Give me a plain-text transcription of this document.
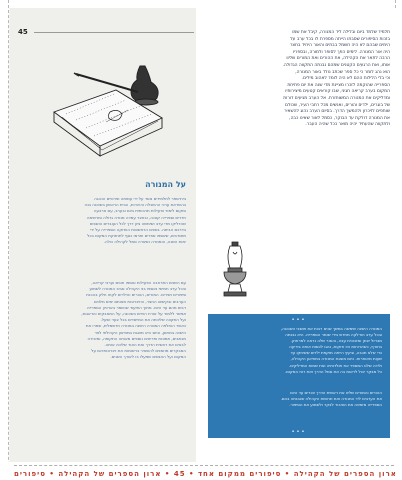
45
על המנורה
בית-ספר לתלמידים נוסד על ידי עמותה ופרטיים הנהגה
בהשראת ערכי ההשכלה והיהדות, הבית הראשון בשכונה בנה
ומקום לימוד ופעילות תרבותית ביום ובערב, עם ארבעה
חדרים וספרייה קטנה, ובחצר עמדה מנורה גדולה ומרשימה
שהדליקו מדי ערב ושימשה ציון דרך לכל העוברים והשבים
בדרכם הביתה. בשנים הראשונות הוחזקה הספרייה על ידי
מתנדבים, שאספו ספרים ותרמו כסף לתחזוקת המקום בכל
ימות השנה, והמנורה נשארה סמל לקהילה כולה.
עם השנים התרחבה הפעילות ונוספו חוגים וערבי קריאה,
ובכל ערב חמישי נאספו בני הקהילה סביב המנורה לשמוע
סיפורים ושירים. המורים, ההורים והילדים לקחו חלק בהכנת
הערבים ובקישוט החצר, והזיכרונות מאותם ימים מלווים
רבים מהם עד היום. מתוך התיעוד שנשמר בארכיון הספרייה
אפשר ללמוד על אורח החיים בשכונה, על המאבקים והדאגות,
ועל התקווה שליוותה את המייסדים בכל צעד ושעל.
כאשר הוחלפה המנורה הישנה במנורה חדשמלית, שמרו את
הישנה במחסן, וכיום היא מוצגת במוזיאון הקהילתי לצד
מכתבים, תמונות ופריטים נוספים מאותה התקופה, ומזכירה
לבאים את ראשית הדרך ואת האור שליווה אותה.
המבקרים מוזמנים להשאיר ברשומות את זיכרונותיהם על
המקום ועל האנשים שפעלו בו לאורך השנים.
תלמיד שלמד ביום ובלילה ליד המנורה, קיבל את שמו
בזכות הסיפורים שסבתו הייתה מספרת לו בכל ערב על
הימים שבהם לא היה חשמל בבתים והאור היחיד בחצר
היה אור המנורה. לימים הפך לסופר ולמורה, ובספריו
הרבה לתאר את הקהילה, את ההורים ואת המורים שליוו
אותו, ואת הרגעים הקטנים שמהם נבנתה התקווה הגדולה.
הוא נהג לומר כי כל ספר שכתב נולד באור המנורה,
וכי בלי הלילות ההם לא היה לומד לאהוב מילים.
הספרייה שהוקמה לזכרו מציינת מדי שנה את יום פתיחת
המקום בערב קריאה חגיגי, שבו קוראים קטעים מיצירותיו
ומדליקים את המנורה המשוחזרת. אל הערב מגיעים דורות
של בוגרים, ילדים והורים, ואנשים מכל רחבי העיר, שכולם
שותפים לזיכרון ולהמשך הדרך. בסיום הערב נהוג להשאיר
את המנורה דולקת עד הבוקר, כסמל לאור שאינו כבה,
ולתקווה שהעתיד יהיה מואר ככל שהיה העבר.
•••
המנורה הישנה שימשה במשך שנים רבות את תושבי השכונה,
ובכל ערב הודלקה מחדש בידי שומר הספרייה. היא נבנתה
מברזל יצוק ומזכוכית עבה, והאור שלה נראה למרחוק.
בחורף, כשהרוחות היו חזקות, נהגו לכסות אותה ביריעה
כדי שלא תכבה, ובקיץ הייתה מוקפת ילדים ששיחקו עד
שעות מאוחרות. כיום מוצגת המנורה במוזיאון הקהילה,
ולידה שלט המספר את תולדותיה ואת שמות המדליקים.
כל מבקר יכול לראות בה את סמל הדרך ואת רוח המקום.
ההורים והמורים שליוו את ראשית הדרך זוכרים עד היום
את הערבים ליד המנורה ואת תחושת הקהילה שנבנתה בהם.
הספרייה מזמינה את הציבור לבקר ולשמוע את הסיפור.
•••
ארון הספרים של הקהילה • סיפורים ממקום אחד • 45 • ארון הספרים של הקהילה • סיפורים
